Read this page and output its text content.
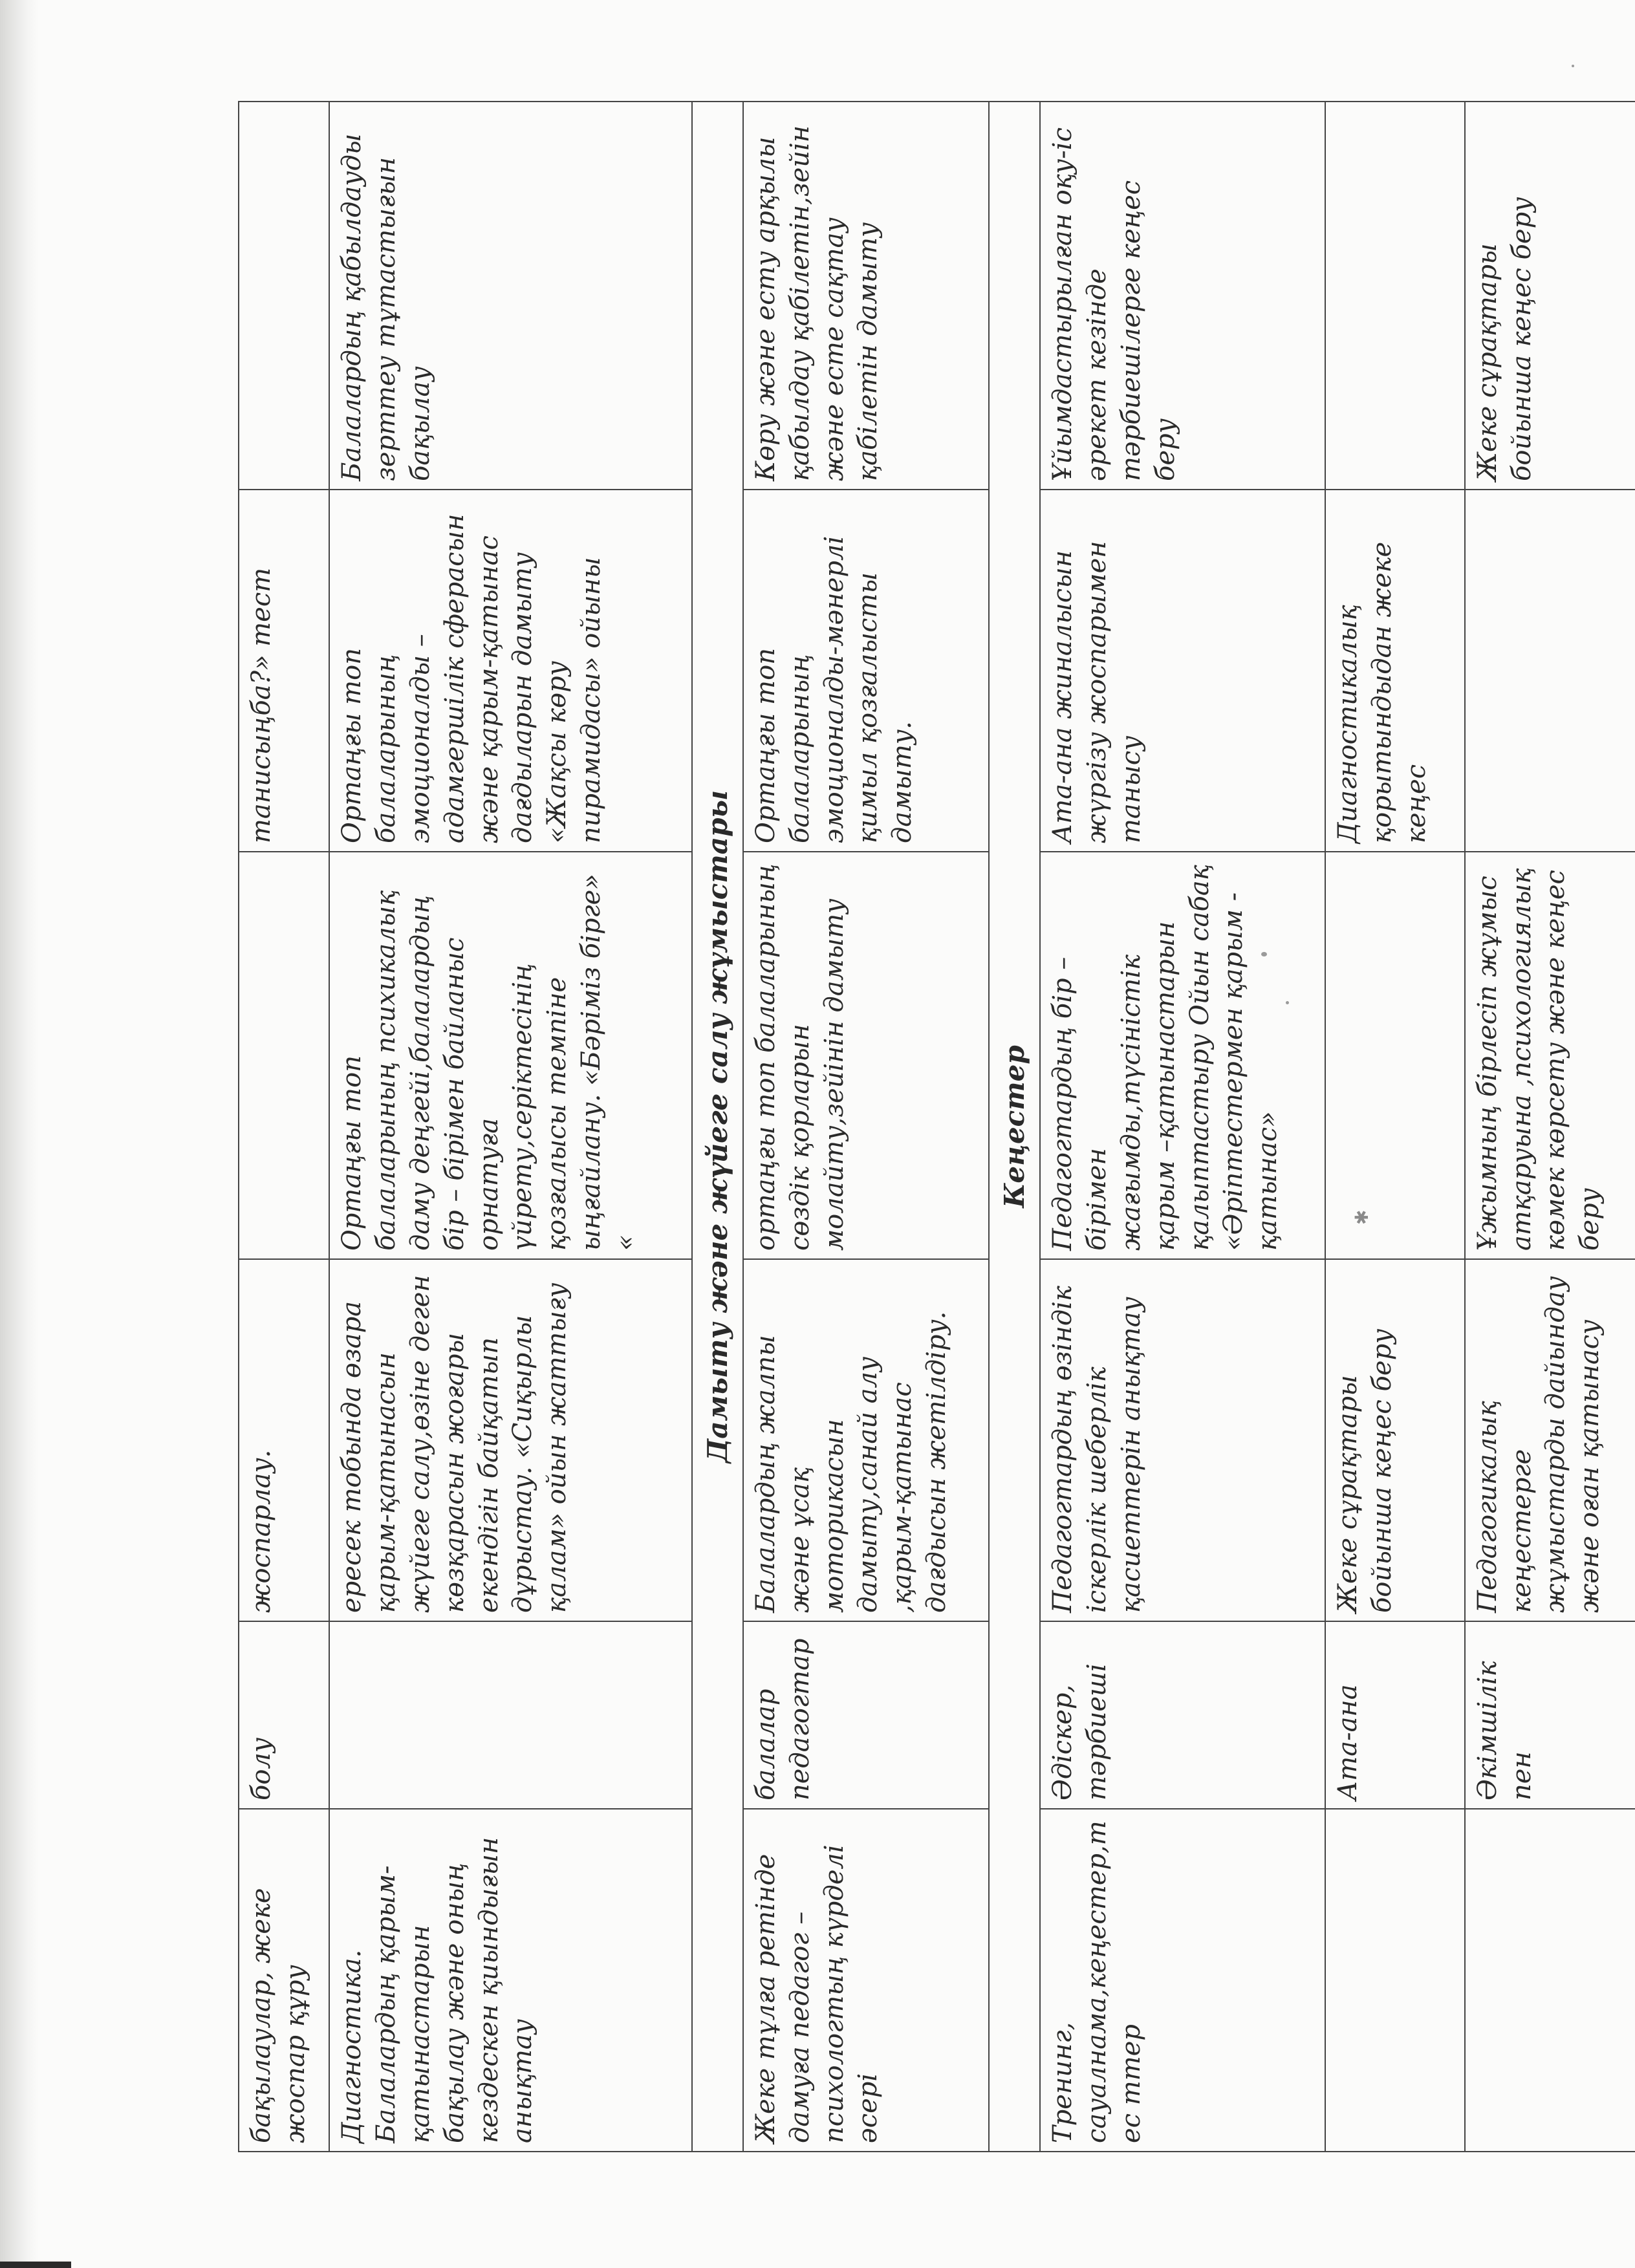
бақылаулар, жеке жоспар құру	болу	жоспарлау.		танисыңба?» тест	
Диагностика. Балалардың қарым-қатынастарын бақылау және оның кездескен қиындығын анықтау		ересек тобында өзара қарым-қатынасын жүйеге салу,өзіне деген көзқарасын жоғары екендігін байқатып дұрыстау. «Сиқырлы қалам» ойын жаттығу	Ортаңғы топ балаларының психикалық даму деңгейі,балалардың бір – бірімен байланыс орнатуға үйрету,серіктесінің қозғалысы темпіне ыңғайлану. «Бәріміз бірге» «	Ортаңғы топ балаларының эмоционалды – адамгершілік сферасын және қарым-қатынас дағдыларын дамыту «Жақсы көру пирамидасы» ойыны	Балалардың қабылдауды зерттеу тұтастығын бақылау
Дамыту және жүйеге салу жұмыстары					
Жеке тұлға ретінде дамуға педагог – психологтың күрделі әсері	балалар педагогтар	Балалардың жалпы және ұсақ моторикасын дамыту,санай алу ,қарым-қатынас дағдысын жетілдіру.	ортаңғы топ балаларының сөздік қорларын молайту,зейінін дамыту	Ортаңғы топ балаларының эмоционалды-мәнерлі қимыл қозғалысты дамыту.	Көру және есту арқылы қабылдау қабілетін,зейін және есте сақтау қабілетін дамыту
Кеңестер					
Тренинг, сауалнама,кеңестер,тес ттер	Әдіскер, тәрбиеші	Педагогтардың өзіндік іскерлік шеберлік қасиеттерін анықтау	Педагогтардың бір – бірімен жағымды,түсіністік қарым –қатынастарын қалыптастыру Ойын сабақ «Әріптестермен қарым - қатынас»	Ата-ана жиналысын жүргізу жоспарымен танысу	Ұйымдастырылған оқу-іс әрекет кезінде тәрбиешілерге кеңес беру
	Ата-ана	Жеке сұрақтары бойынша кеңес беру	✱	Диагностикалық қорытындыдан жеке кеңес	
	Әкімшілік пен	Педагогикалық кеңестерге жұмыстарды дайындау және оған қатынасу	Ұжымның бірлесіп жұмыс атқаруына ,психологиялық көмек көрсету және кеңес беру		Жеке сұрақтары бойынша кеңес беру
